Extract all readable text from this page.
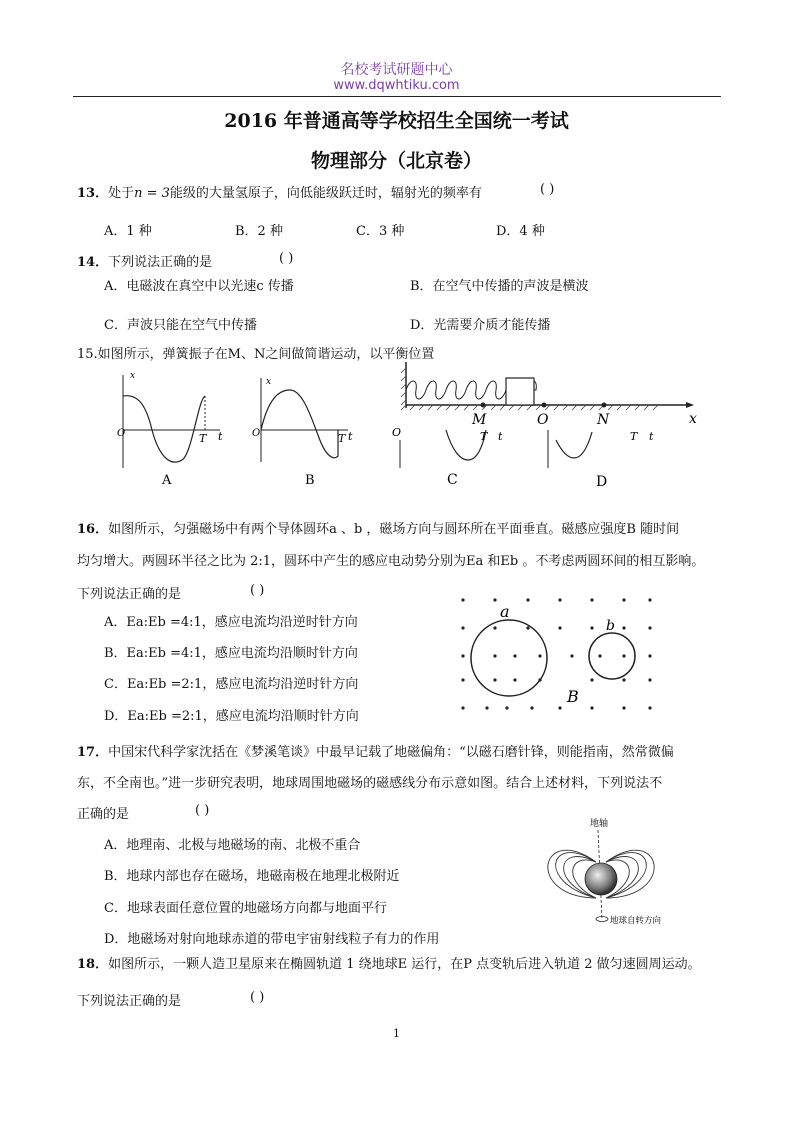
名校考试研题中心
www.dqwhtiku.com
2016 年普通高等学校招生全国统一考试
物理部分（北京卷）
13．处于n = 3能级的大量氢原子，向低能级跃迁时，辐射光的频率有	( )
A．1 种	B．2 种	C．3 种	D．4 种
14．下列说法正确的是	( )
A．电磁波在真空中以光速c 传播	B．在空气中传播的声波是横波
C．声波只能在空气中传播	D．光需要介质才能传播
15.如图所示，弹簧振子在M、N之间做简谐运动，以平衡位置
O
x
T t
A
O
x
T t
B
M	O	N	x
O	T t
C
T t
D
16．如图所示，匀强磁场中有两个导体圆环a 、b ，磁场方向与圆环所在平面垂直。磁感应强度B 随时间
均匀增大。两圆环半径之比为 2:1，圆环中产生的感应电动势分别为Ea 和Eb 。不考虑两圆环间的相互影响。
下列说法正确的是	( )
A．Ea:Eb =4:1，感应电流均沿逆时针方向
B．Ea:Eb =4:1，感应电流均沿顺时针方向
C．Ea:Eb =2:1，感应电流均沿逆时针方向
D．Ea:Eb =2:1，感应电流均沿顺时针方向
a
b
B
17．中国宋代科学家沈括在《梦溪笔谈》中最早记载了地磁偏角：“以磁石磨针锋，则能指南，然常微偏
东，不全南也。”进一步研究表明，地球周围地磁场的磁感线分布示意如图。结合上述材料，下列说法不
正确的是	( )
A．地理南、北极与地磁场的南、北极不重合
B．地球内部也存在磁场，地磁南极在地理北极附近
C．地球表面任意位置的地磁场方向都与地面平行
D．地磁场对射向地球赤道的带电宇宙射线粒子有力的作用
地轴
地球自转方向
18．如图所示，一颗人造卫星原来在椭圆轨道 1 绕地球E 运行，在P 点变轨后进入轨道 2 做匀速圆周运动。
下列说法正确的是	( )
1
